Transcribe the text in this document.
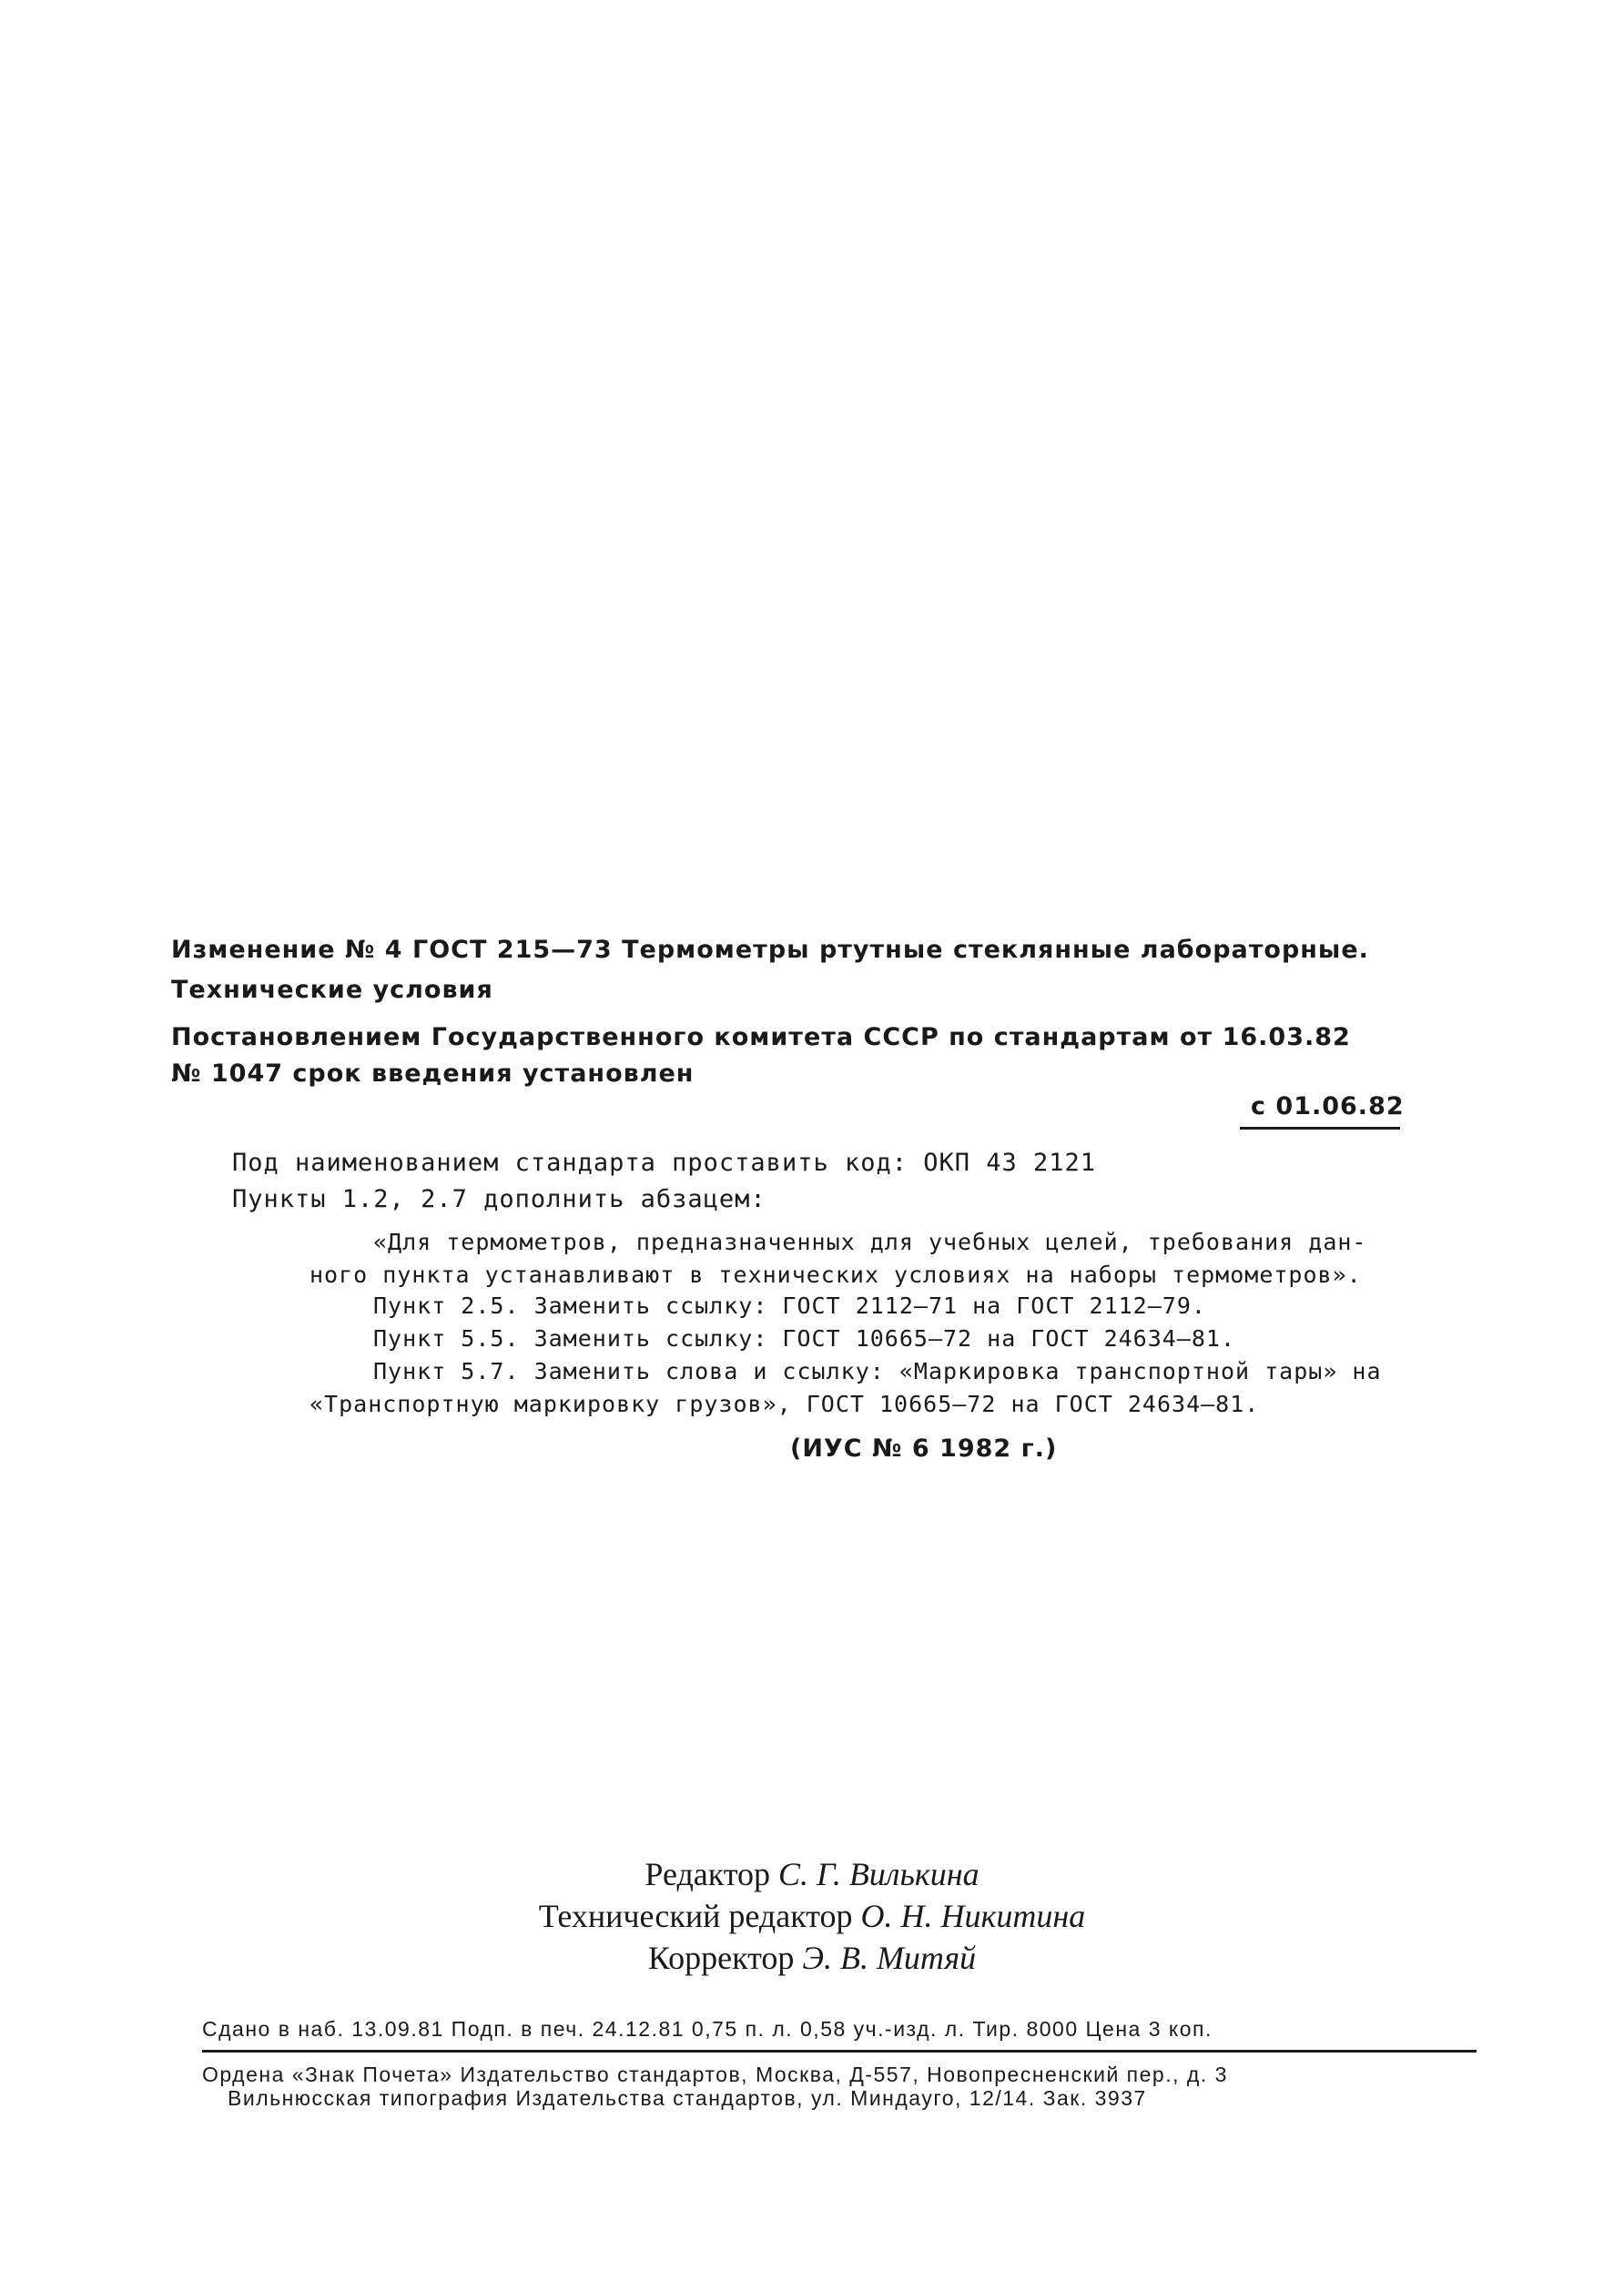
Изменение № 4 ГОСТ 215—73 Термометры ртутные стеклянные лабораторные.
Технические условия
Постановлением Государственного комитета СССР по стандартам от 16.03.82
№ 1047 срок введения установлен
с 01.06.82
Под наименованием стандарта проставить код: ОКП 43 2121
Пункты 1.2, 2.7 дополнить абзацем:
«Для термометров, предназначенных для учебных целей, требования дан-
ного пункта устанавливают в технических условиях на наборы термометров».
Пункт 2.5. Заменить ссылку: ГОСТ 2112—71 на ГОСТ 2112—79.
Пункт 5.5. Заменить ссылку: ГОСТ 10665—72 на ГОСТ 24634—81.
Пункт 5.7. Заменить слова и ссылку: «Маркировка транспортной тары» на
«Транспортную маркировку грузов», ГОСТ 10665—72 на ГОСТ 24634—81.
(ИУС № 6 1982 г.)
Редактор С. Г. Вилькина
Технический редактор О. Н. Никитина
Корректор Э. В. Митяй
Сдано в наб. 13.09.81 Подп. в печ. 24.12.81 0,75 п. л. 0,58 уч.-изд. л. Тир. 8000 Цена 3 коп.
Ордена «Знак Почета» Издательство стандартов, Москва, Д-557, Новопресненский пер., д. 3
Вильнюсская типография Издательства стандартов, ул. Миндауго, 12/14. Зак. 3937
